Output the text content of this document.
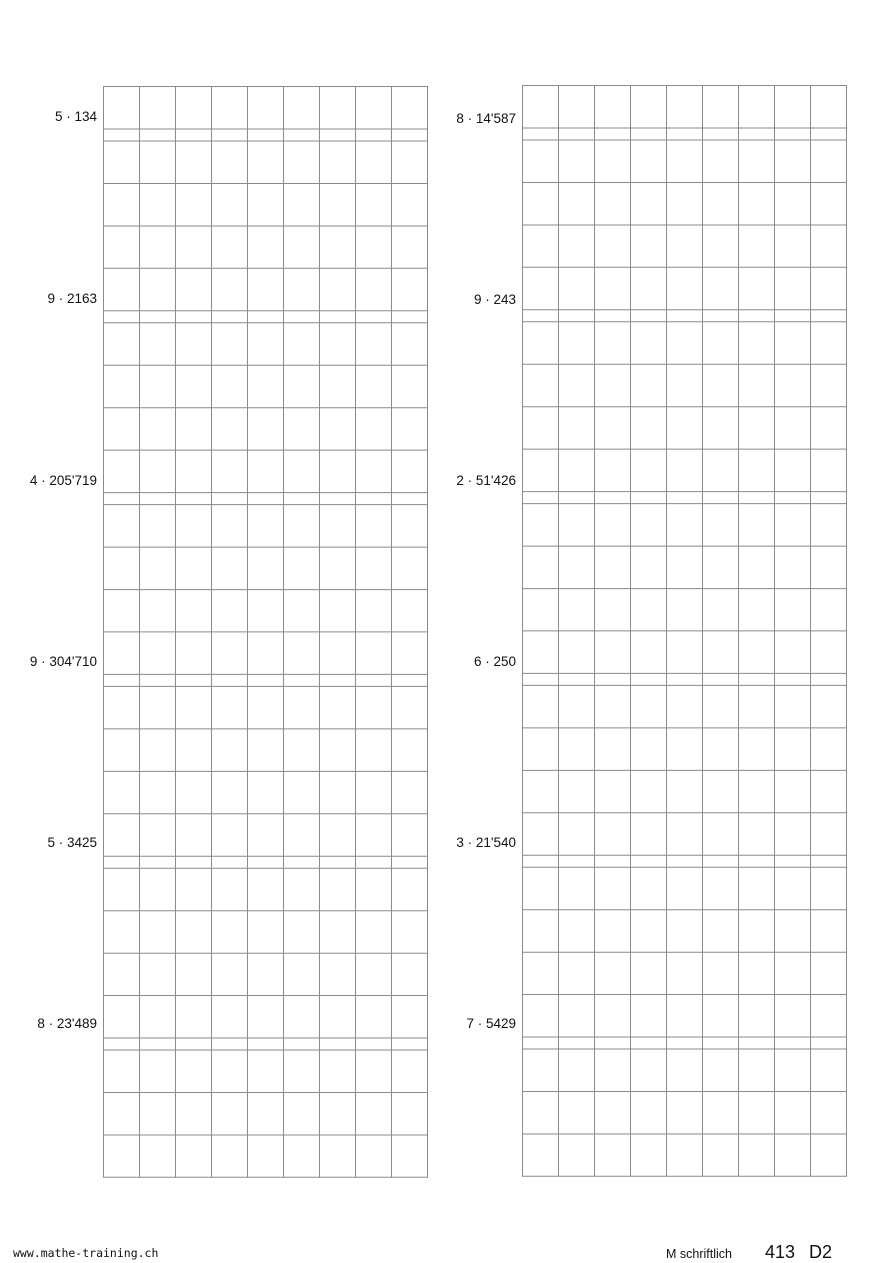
5 · 134
9 · 2163
4 · 205'719
9 · 304'710
5 · 3425
8 · 23'489
8 · 14'587
9 · 243
2 · 51'426
6 · 250
3 · 21'540
7 · 5429
www.mathe-training.ch	M schriftlich 413 D2
